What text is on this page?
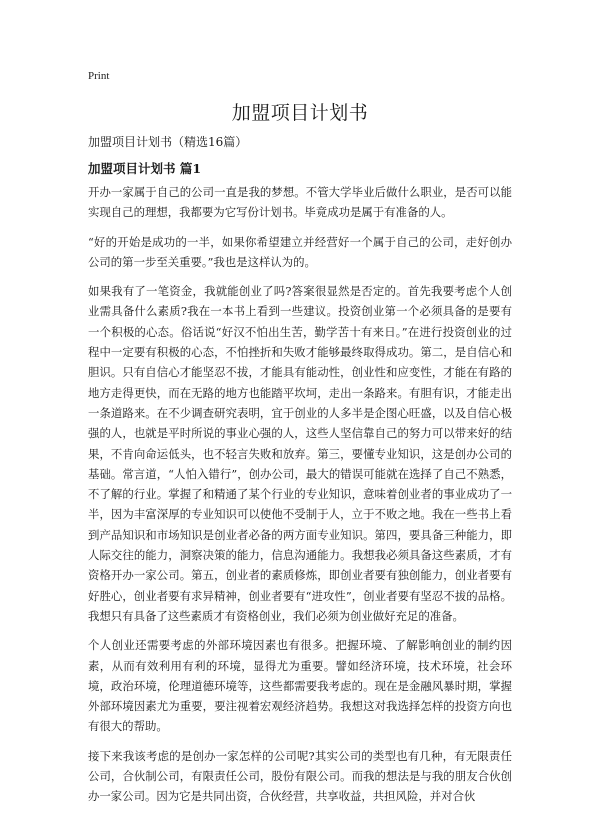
Print
加盟项目计划书
加盟项目计划书（精选16篇）
加盟项目计划书 篇1

开办一家属于自己的公司一直是我的梦想。不管大学毕业后做什么职业，是否可以能实现自己的理想，我都要为它写份计划书。毕竟成功是属于有准备的人。

“好的开始是成功的一半，如果你希望建立并经营好一个属于自己的公司，走好创办公司的第一步至关重要。”我也是这样认为的。

如果我有了一笔资金，我就能创业了吗?答案很显然是否定的。首先我要考虑个人创业需具备什么素质?我在一本书上看到一些建议。投资创业第一个必须具备的是要有一个积极的心态。俗话说“好汉不怕出生苦，勤学苦十有来日。”在进行投资创业的过程中一定要有积极的心态，不怕挫折和失败才能够最终取得成功。第二，是自信心和胆识。只有自信心才能坚忍不拔，才能具有能动性，创业性和应变性，才能在有路的地方走得更快，而在无路的地方也能踏平坎坷，走出一条路来。有胆有识，才能走出一条道路来。在不少调查研究表明，宜于创业的人多半是企图心旺盛，以及自信心极强的人，也就是平时所说的事业心强的人，这些人坚信靠自己的努力可以带来好的结果，不肯向命运低头，也不轻言失败和放弃。第三，要懂专业知识，这是创办公司的基础。常言道，“人怕入错行”，创办公司，最大的错误可能就在选择了自己不熟悉，不了解的行业。掌握了和精通了某个行业的专业知识，意味着创业者的事业成功了一半，因为丰富深厚的专业知识可以使他不受制于人，立于不败之地。我在一些书上看到产品知识和市场知识是创业者必备的两方面专业知识。第四，要具备三种能力，即人际交往的能力，洞察决策的能力，信息沟通能力。我想我必须具备这些素质，才有资格开办一家公司。第五，创业者的素质修炼，即创业者要有独创能力，创业者要有好胜心，创业者要有求异精神，创业者要有“进攻性”，创业者要有坚忍不拔的品格。我想只有具备了这些素质才有资格创业，我们必须为创业做好充足的准备。

个人创业还需要考虑的外部环境因素也有很多。把握环境、了解影响创业的制约因素，从而有效利用有利的环境，显得尤为重要。譬如经济环境，技术环境，社会环境，政治环境，伦理道德环境等，这些都需要我考虑的。现在是金融风暴时期，掌握外部环境因素尤为重要，要注视着宏观经济趋势。我想这对我选择怎样的投资方向也有很大的帮助。

接下来我该考虑的是创办一家怎样的公司呢?其实公司的类型也有几种，有无限责任公司，合伙制公司，有限责任公司，股份有限公司。而我的想法是与我的朋友合伙创办一家公司。因为它是共同出资，合伙经营，共享收益，共担风险，并对合伙
